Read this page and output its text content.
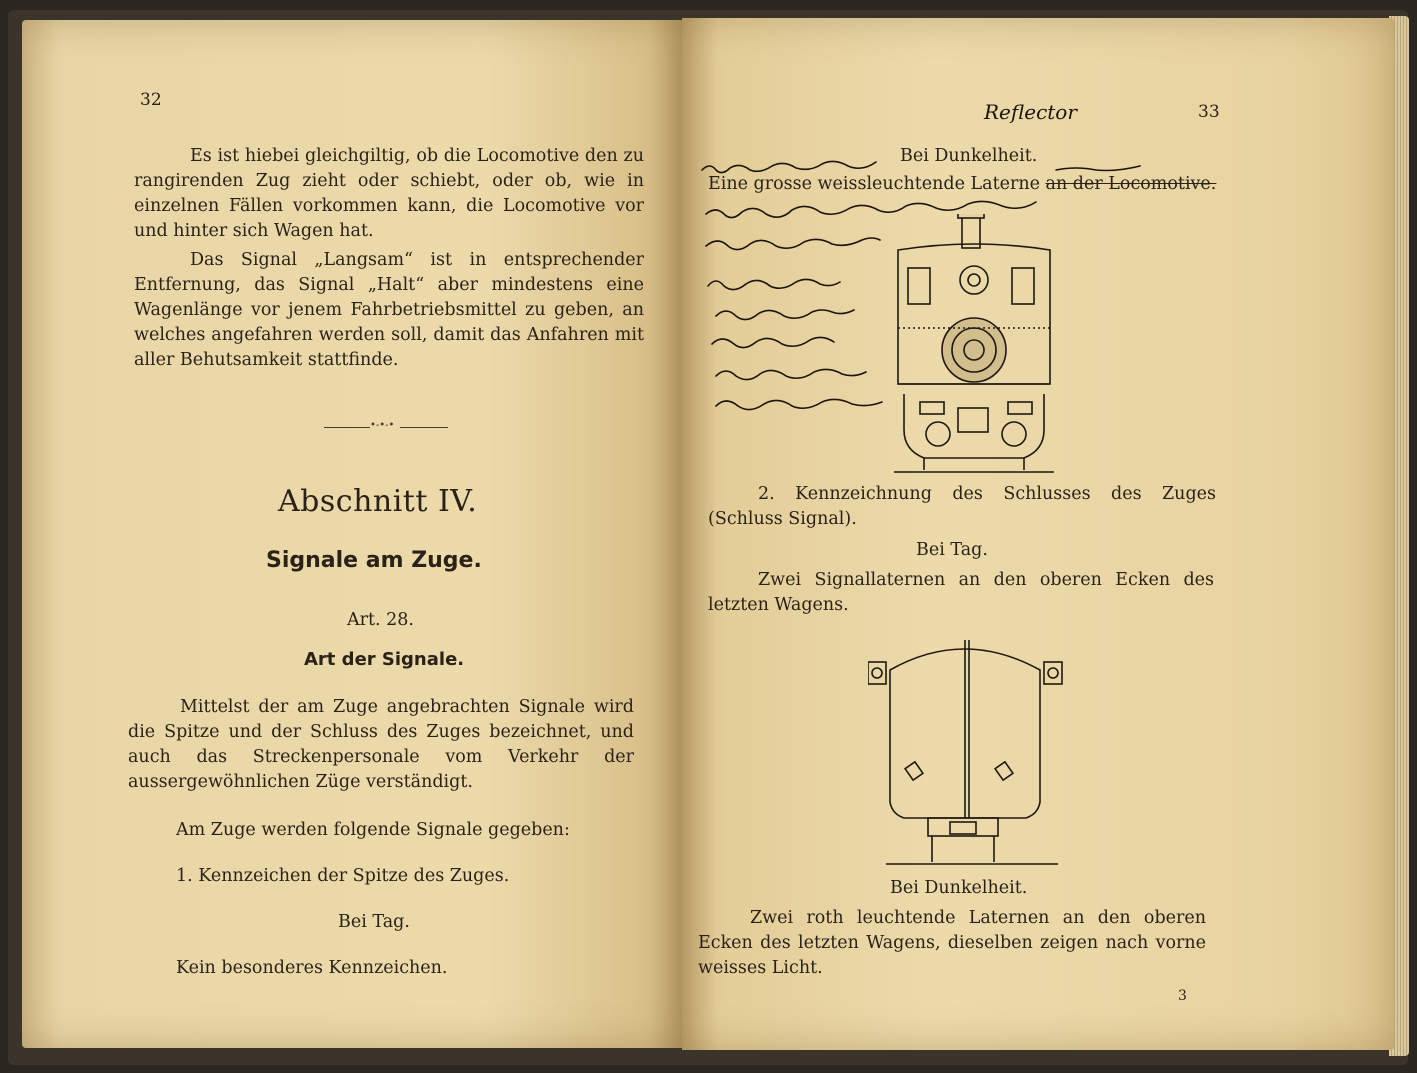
32

Es ist hiebei gleichgiltig, ob die Locomotive den zu rangirenden Zug zieht oder schiebt, oder ob, wie in einzelnen Fällen vorkommen kann, die Locomotive vor und hinter sich Wagen hat.

Das Signal „Langsam“ ist in entsprechender Entfernung, das Signal „Halt“ aber mindestens eine Wagenlänge vor jenem Fahrbetriebsmittel zu geben, an welches angefahren werden soll, damit das Anfahren mit aller Behutsamkeit stattfinde.

•‑•‑•
Abschnitt IV.
Signale am Zuge.
Art. 28.
Art der Signale.

Mittelst der am Zuge angebrachten Signale wird die Spitze und der Schluss des Zuges bezeichnet, und auch das Streckenpersonale vom Verkehr der aussergewöhnlichen Züge verständigt.

Am Zuge werden folgende Signale gegeben:
1. Kennzeichen der Spitze des Zuges.
Bei Tag.
Kein besonderes Kennzeichen.
Reflector	33
Bei Dunkelheit.
Eine grosse weissleuchtende Laterne an der Locomotive.

2. Kennzeichnung des Schlusses des Zuges (Schluss Signal).

Bei Tag.

Zwei Signallaternen an den oberen Ecken des letzten Wagens.

Bei Dunkelheit.

Zwei roth leuchtende Laternen an den oberen Ecken des letzten Wagens, dieselben zeigen nach vorne weisses Licht.

3
